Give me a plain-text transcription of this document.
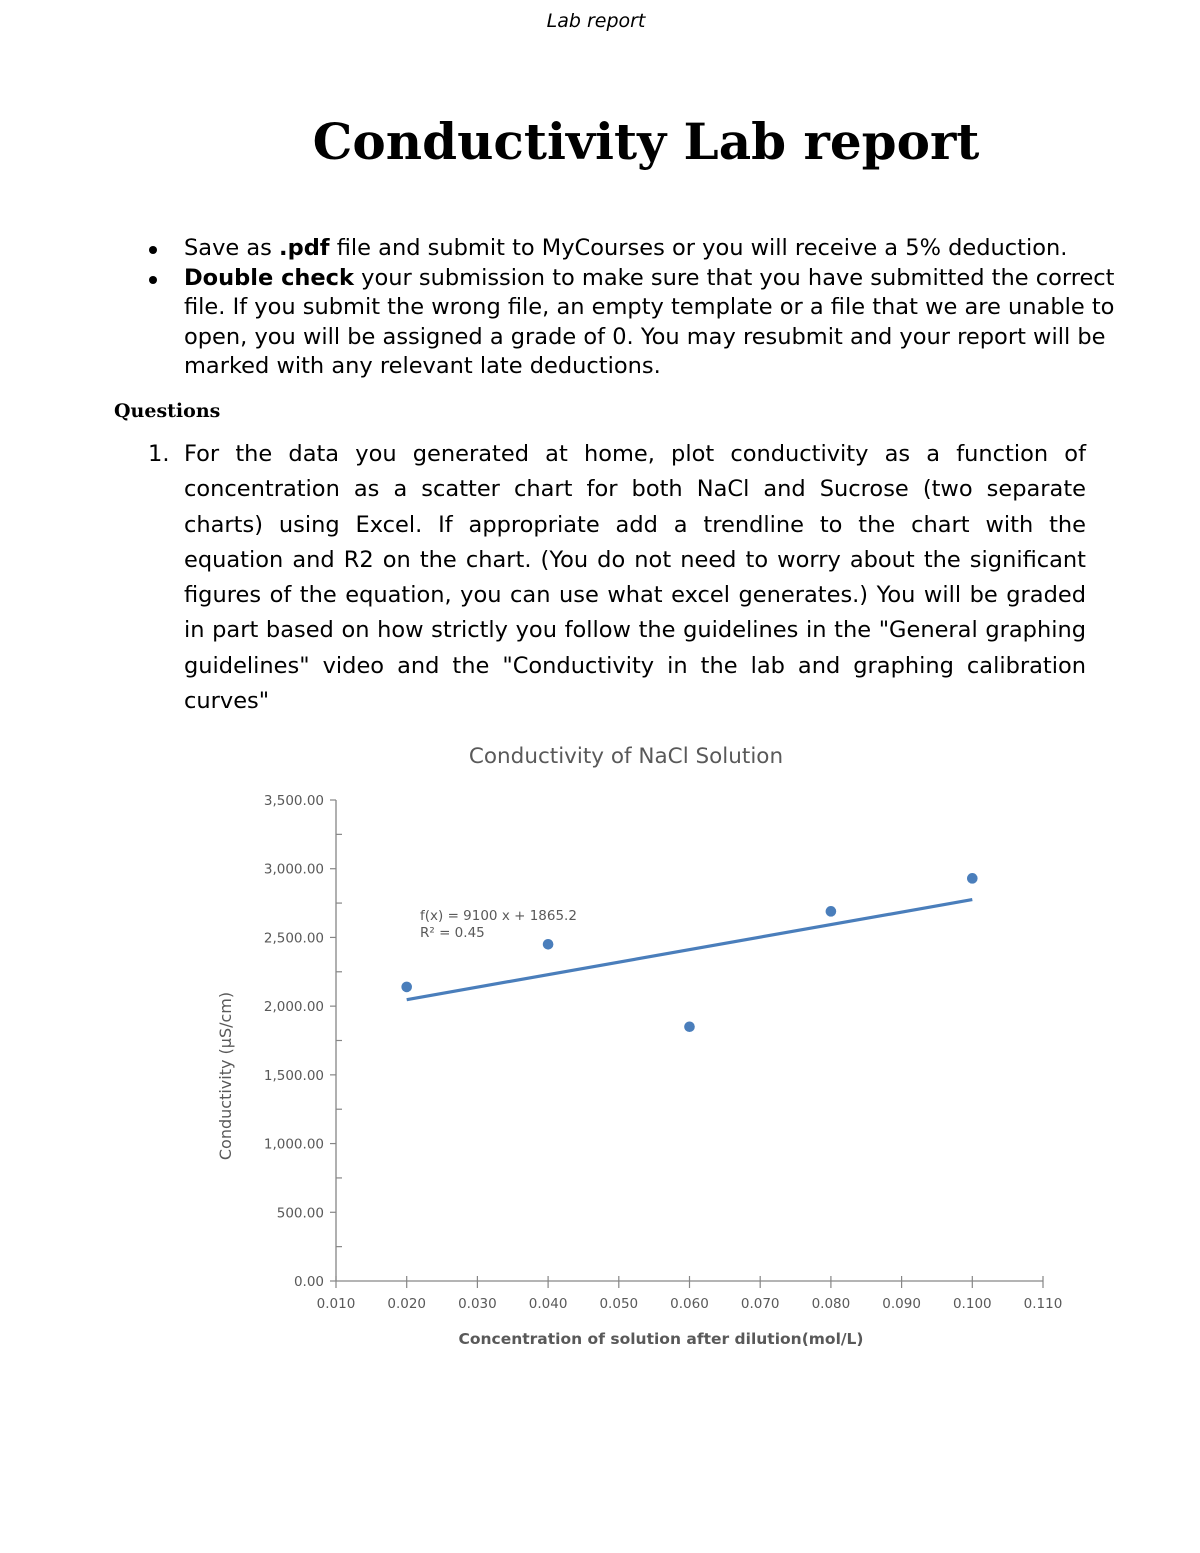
Lab report
Conductivity Lab report
Save as .pdf file and submit to MyCourses or you will receive a 5% deduction.
Double check your submission to make sure that you have submitted the correct file. If you submit the wrong file, an empty template or a file that we are unable to open, you will be assigned a grade of 0. You may resubmit and your report will be marked with any relevant late deductions.
Questions
1. For the data you generated at home, plot conductivity as a function of concentration as a scatter chart for both NaCl and Sucrose (two separate charts) using Excel. If appropriate add a trendline to the chart with the equation and R2 on the chart. (You do not need to worry about the significant figures of the equation, you can use what excel generates.) You will be graded in part based on how strictly you follow the guidelines in the "General graphing guidelines" video and the "Conductivity in the lab and graphing calibration curves"
Conductivity of NaCl Solution
0.010 0.020 0.030 0.040 0.050 0.060 0.070 0.080 0.090 0.100 0.110
0.00
500.00
1,000.00
1,500.00
2,000.00
2,500.00
3,000.00
3,500.00
f(x) = 9100 x + 1865.2
R² = 0.45
Concentration of solution after dilution(mol/L)
Conductivity (µS/cm)
